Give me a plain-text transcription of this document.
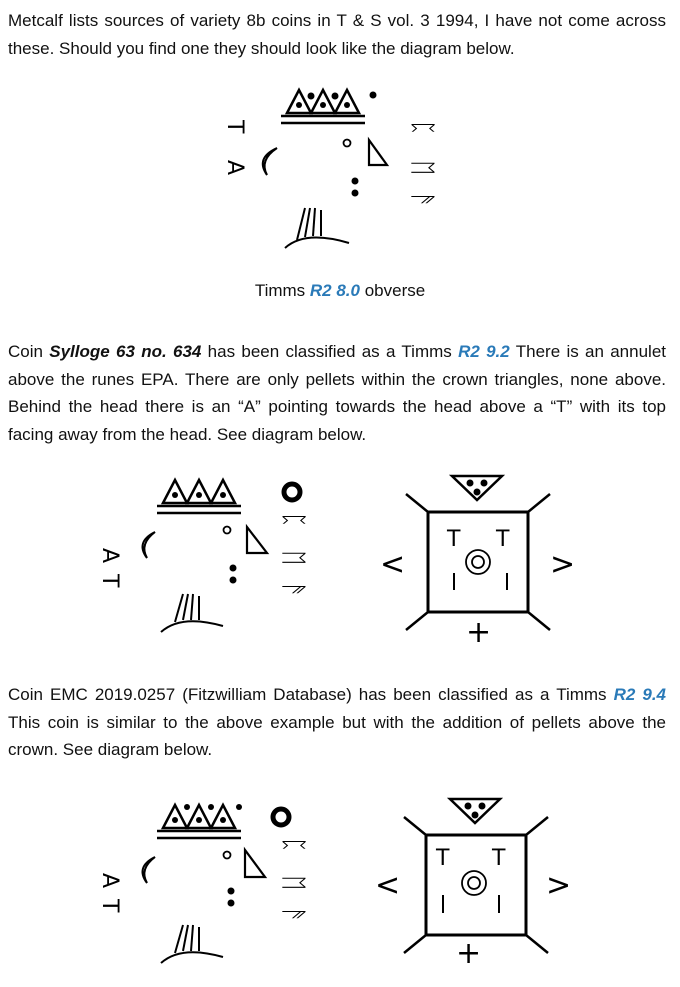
Metcalf lists sources of variety 8b coins in T & S vol. 3 1994, I have not come across these. Should you find one they should look like the diagram below.
T
A
ᛈ
ᛖ
ᚫ
Timms R2 8.0 obverse
Coin Sylloge 63 no. 634 has been classified as a Timms R2 9.2 There is an annulet above the runes EPA. There are only pellets within the crown triangles, none above. Behind the head there is an “A” pointing towards the head above a “T” with its top facing away from the head. See diagram below.
A
T
ᛈ
ᛖ
ᚫ
T T
<	>
+
Coin EMC 2019.0257 (Fitzwilliam Database) has been classified as a Timms R2 9.4 This coin is similar to the above example but with the addition of pellets above the crown. See diagram below.
A
T
ᛈ
ᛖ
ᚫ
T T
<	>
+
